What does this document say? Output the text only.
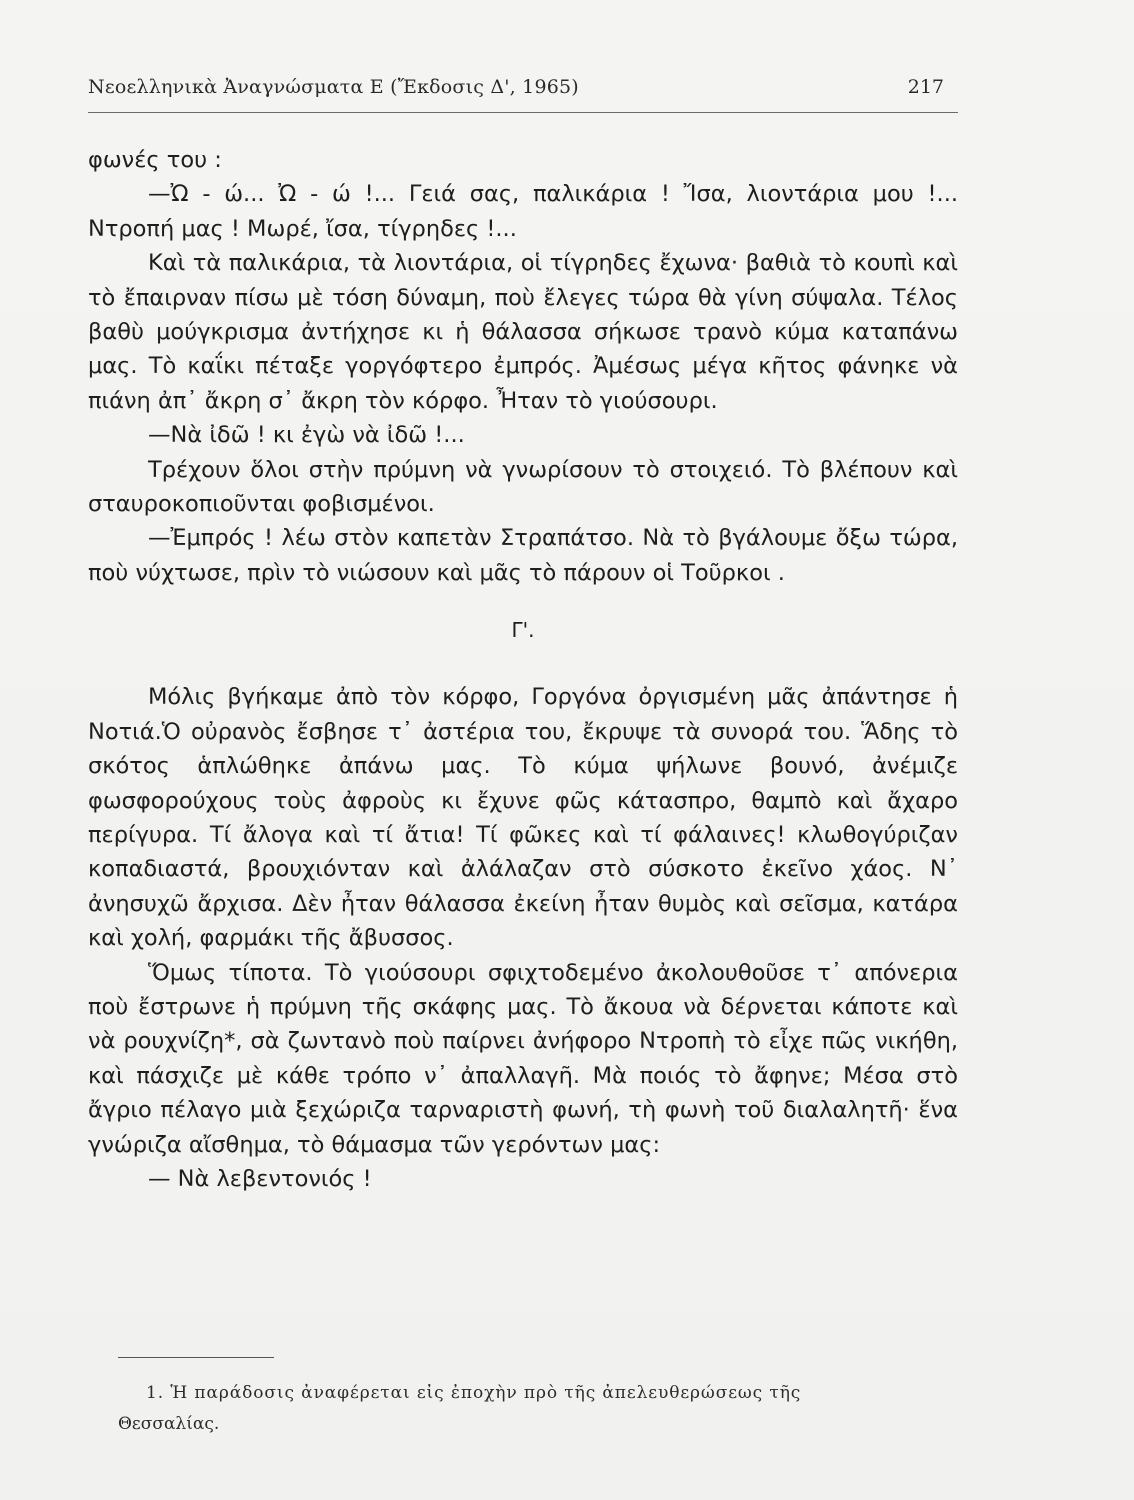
Νεοελληνικὰ Ἀναγνώσματα Ε (Ἔκδοσις Δ', 1965)	217

φωνές του :

—Ὠ - ώ... Ὠ - ώ !... Γειά σας, παλικάρια ! Ἴσα, λιοντάρια μου !... Ντροπή μας ! Μωρέ, ἴσα, τίγρηδες !...

Καὶ τὰ παλικάρια, τὰ λιοντάρια, οἱ τίγρηδες ἔχωνα· βαθιὰ τὸ κουπὶ καὶ τὸ ἔπαιρναν πίσω μὲ τόση δύναμη, ποὺ ἔλεγες τώρα θὰ γίνη σύψαλα. Τέλος βαθὺ μούγκρισμα ἀντήχησε κι ἡ θάλασσα σήκωσε τρανὸ κύμα καταπάνω μας. Τὸ καΐκι πέταξε γοργόφτερο ἐμπρός. Ἀμέσως μέγα κῆτος φάνηκε νὰ πιάνη ἀπ᾿ ἄκρη σ᾿ ἄκρη τὸν κόρφο. Ἦταν τὸ γιούσουρι.

—Νὰ ἰδῶ ! κι ἐγὼ νὰ ἰδῶ !...

Τρέχουν ὅλοι στὴν πρύμνη νὰ γνωρίσουν τὸ στοιχειό. Τὸ βλέπουν καὶ σταυροκοπιοῦνται φοβισμένοι.

—Ἐμπρός ! λέω στὸν καπετὰν Στραπάτσο. Νὰ τὸ βγάλουμε ὄξω τώρα, ποὺ νύχτωσε, πρὶν τὸ νιώσουν καὶ μᾶς τὸ πάρουν οἱ Τοῦρκοι .

Γ'.

Μόλις βγήκαμε ἀπὸ τὸν κόρφο, Γοργόνα ὀργισμένη μᾶς ἀπάντησε ἡ Νοτιά.Ὁ οὐρανὸς ἔσβησε τ᾿ ἀστέρια του, ἔκρυψε τὰ συνορά του. Ἅδης τὸ σκότος ἁπλώθηκε ἀπάνω μας. Τὸ κύμα ψήλωνε βουνό, ἀνέμιζε φωσφορούχους τοὺς ἀφροὺς κι ἔχυνε φῶς κάτασπρο, θαμπὸ καὶ ἄχαρο περίγυρα. Τί ἄλογα καὶ τί ἄτια! Τί φῶκες καὶ τί φάλαινες! κλωθογύριζαν κοπαδιαστά, βρουχιόνταν καὶ ἀλάλαζαν στὸ σύσκοτο ἐκεῖνο χάος. Ν᾿ ἀνησυχῶ ἄρχισα. Δὲν ἦταν θάλασσα ἐκείνη ἦταν θυμὸς καὶ σεῖσμα, κατάρα καὶ χολή, φαρμάκι τῆς ἄβυσσος.

Ὅμως τίποτα. Τὸ γιούσουρι σφιχτοδεμένο ἀκολουθοῦσε τ᾿ απόνερια ποὺ ἔστρωνε ἡ πρύμνη τῆς σκάφης μας. Τὸ ἄκουα νὰ δέρνεται κάποτε καὶ νὰ ρουχνίζη*, σὰ ζωντανὸ ποὺ παίρνει ἀνήφορο Ντροπὴ τὸ εἶχε πῶς νικήθη, καὶ πάσχιζε μὲ κάθε τρόπο ν᾿ ἀπαλλαγῆ. Μὰ ποιός τὸ ἄφηνε; Μέσα στὸ ἄγριο πέλαγο μιὰ ξεχώριζα ταρναριστὴ φωνή, τὴ φωνὴ τοῦ διαλαλητῆ· ἕνα γνώριζα αἴσθημα, τὸ θάμασμα τῶν γερόντων μας:

— Νὰ λεβεντονιός !

1. Ἡ παράδοσις ἀναφέρεται εἰς ἐποχὴν πρὸ τῆς ἀπελευθερώσεως τῆς
Θεσσαλίας.
